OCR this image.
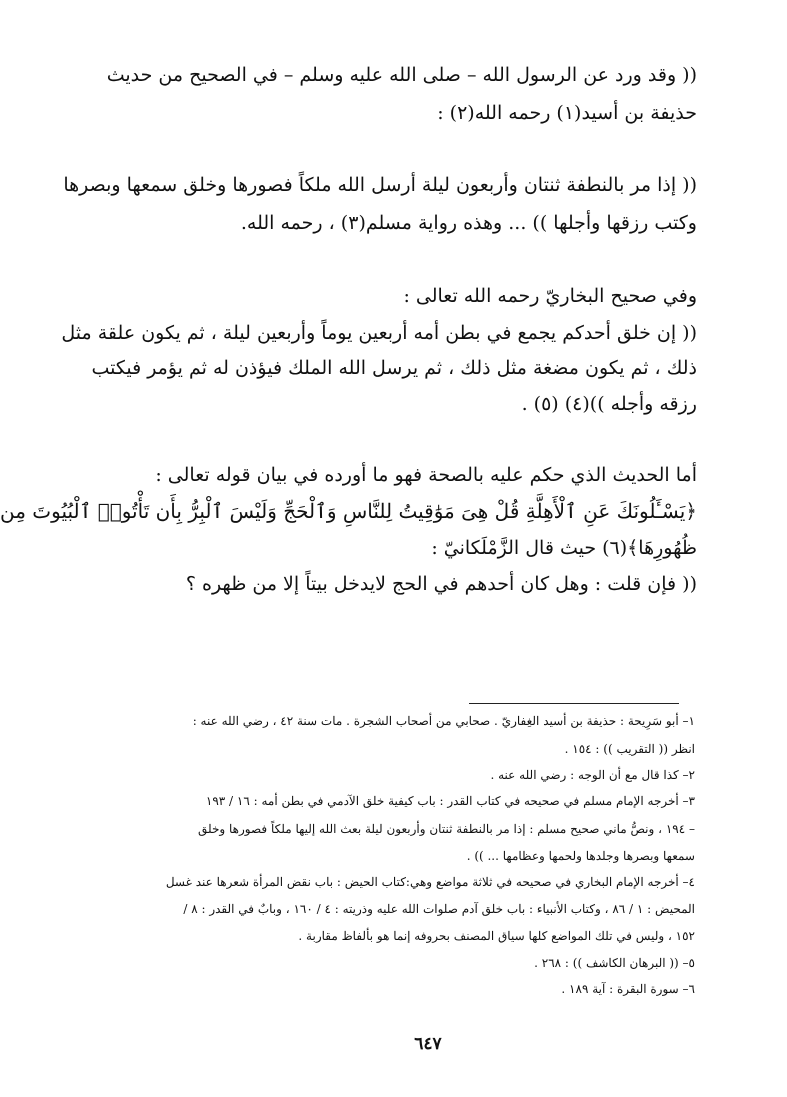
(( وقد ورد عن الرسول الله – صلى الله عليه وسلم – في الصحيح من حديث
حذيفة بن أسيد(١) رحمه الله(٢) :
(( إذا مر بالنطفة ثنتان وأربعون ليلة أرسل الله ملكاً فصورها وخلق سمعها وبصرها
وكتب رزقها وأجلها )) ... وهذه رواية مسلم(٣) ، رحمه الله.
وفي صحيح البخاريّ رحمه الله تعالى :
(( إن خلق أحدكم يجمع في بطن أمه أربعين يوماً وأربعين ليلة ، ثم يكون علقة مثل
ذلك ، ثم يكون مضغة مثل ذلك ، ثم يرسل الله الملك فيؤذن له ثم يؤمر فيكتب
رزقه وأجله ))(٤) (٥) .
أما الحديث الذي حكم عليه بالصحة فهو ما أورده في بيان قوله تعالى :
﴿يَسْـَٔلُونَكَ عَنِ ٱلْأَهِلَّةِ قُلْ هِىَ مَوَٰقِيتُ لِلنَّاسِ وَٱلْحَجِّ وَلَيْسَ ٱلْبِرُّ بِأَن تَأْتُوا۟ ٱلْبُيُوتَ مِن
ظُهُورِهَا﴾(٦) حيث قال الزَّمْلَكانيّ :
(( فإن قلت : وهل كان أحدهم في الحج لايدخل بيتاً إلا من ظهره ؟
١– أبو سَرِيحة : حذيفة بن أسيد الغِفاريّ . صحابي من أصحاب الشجرة . مات سنة ٤٢ ، رضي الله عنه :
انظر (( التقريب )) : ١٥٤ .
٢– كذا قال مع أن الوجه : رضي الله عنه .
٣– أخرجه الإمام مسلم في صحيحه في كتاب القدر : باب كيفية خلق الآدمي في بطن أمه : ١٦ / ١٩٣
– ١٩٤ ، ونصُّ ماني صحيح مسلم : إذا مر بالنطفة ثنتان وأربعون ليلة بعث الله إليها ملكاً فصورها وخلق
سمعها وبصرها وجلدها ولحمها وعظامها ... )) .
٤– أخرجه الإمام البخاري في صحيحه في ثلاثة مواضع وهي:كتاب الحيض : باب نقض المرأة شعرها عند غسل
المحيض : ١ / ٨٦ ، وكتاب الأنبياء : باب خلق آدم صلوات الله عليه وذريته : ٤ / ١٦٠ ، وبابٌ في القدر : ٨ /
١٥٢ ، وليس في تلك المواضع كلها سياق المصنف بحروفه إنما هو بألفاظ مقاربة .
٥– (( البرهان الكاشف )) : ٢٦٨ .
٦– سورة البقرة : آية ١٨٩ .
٦٤٧
